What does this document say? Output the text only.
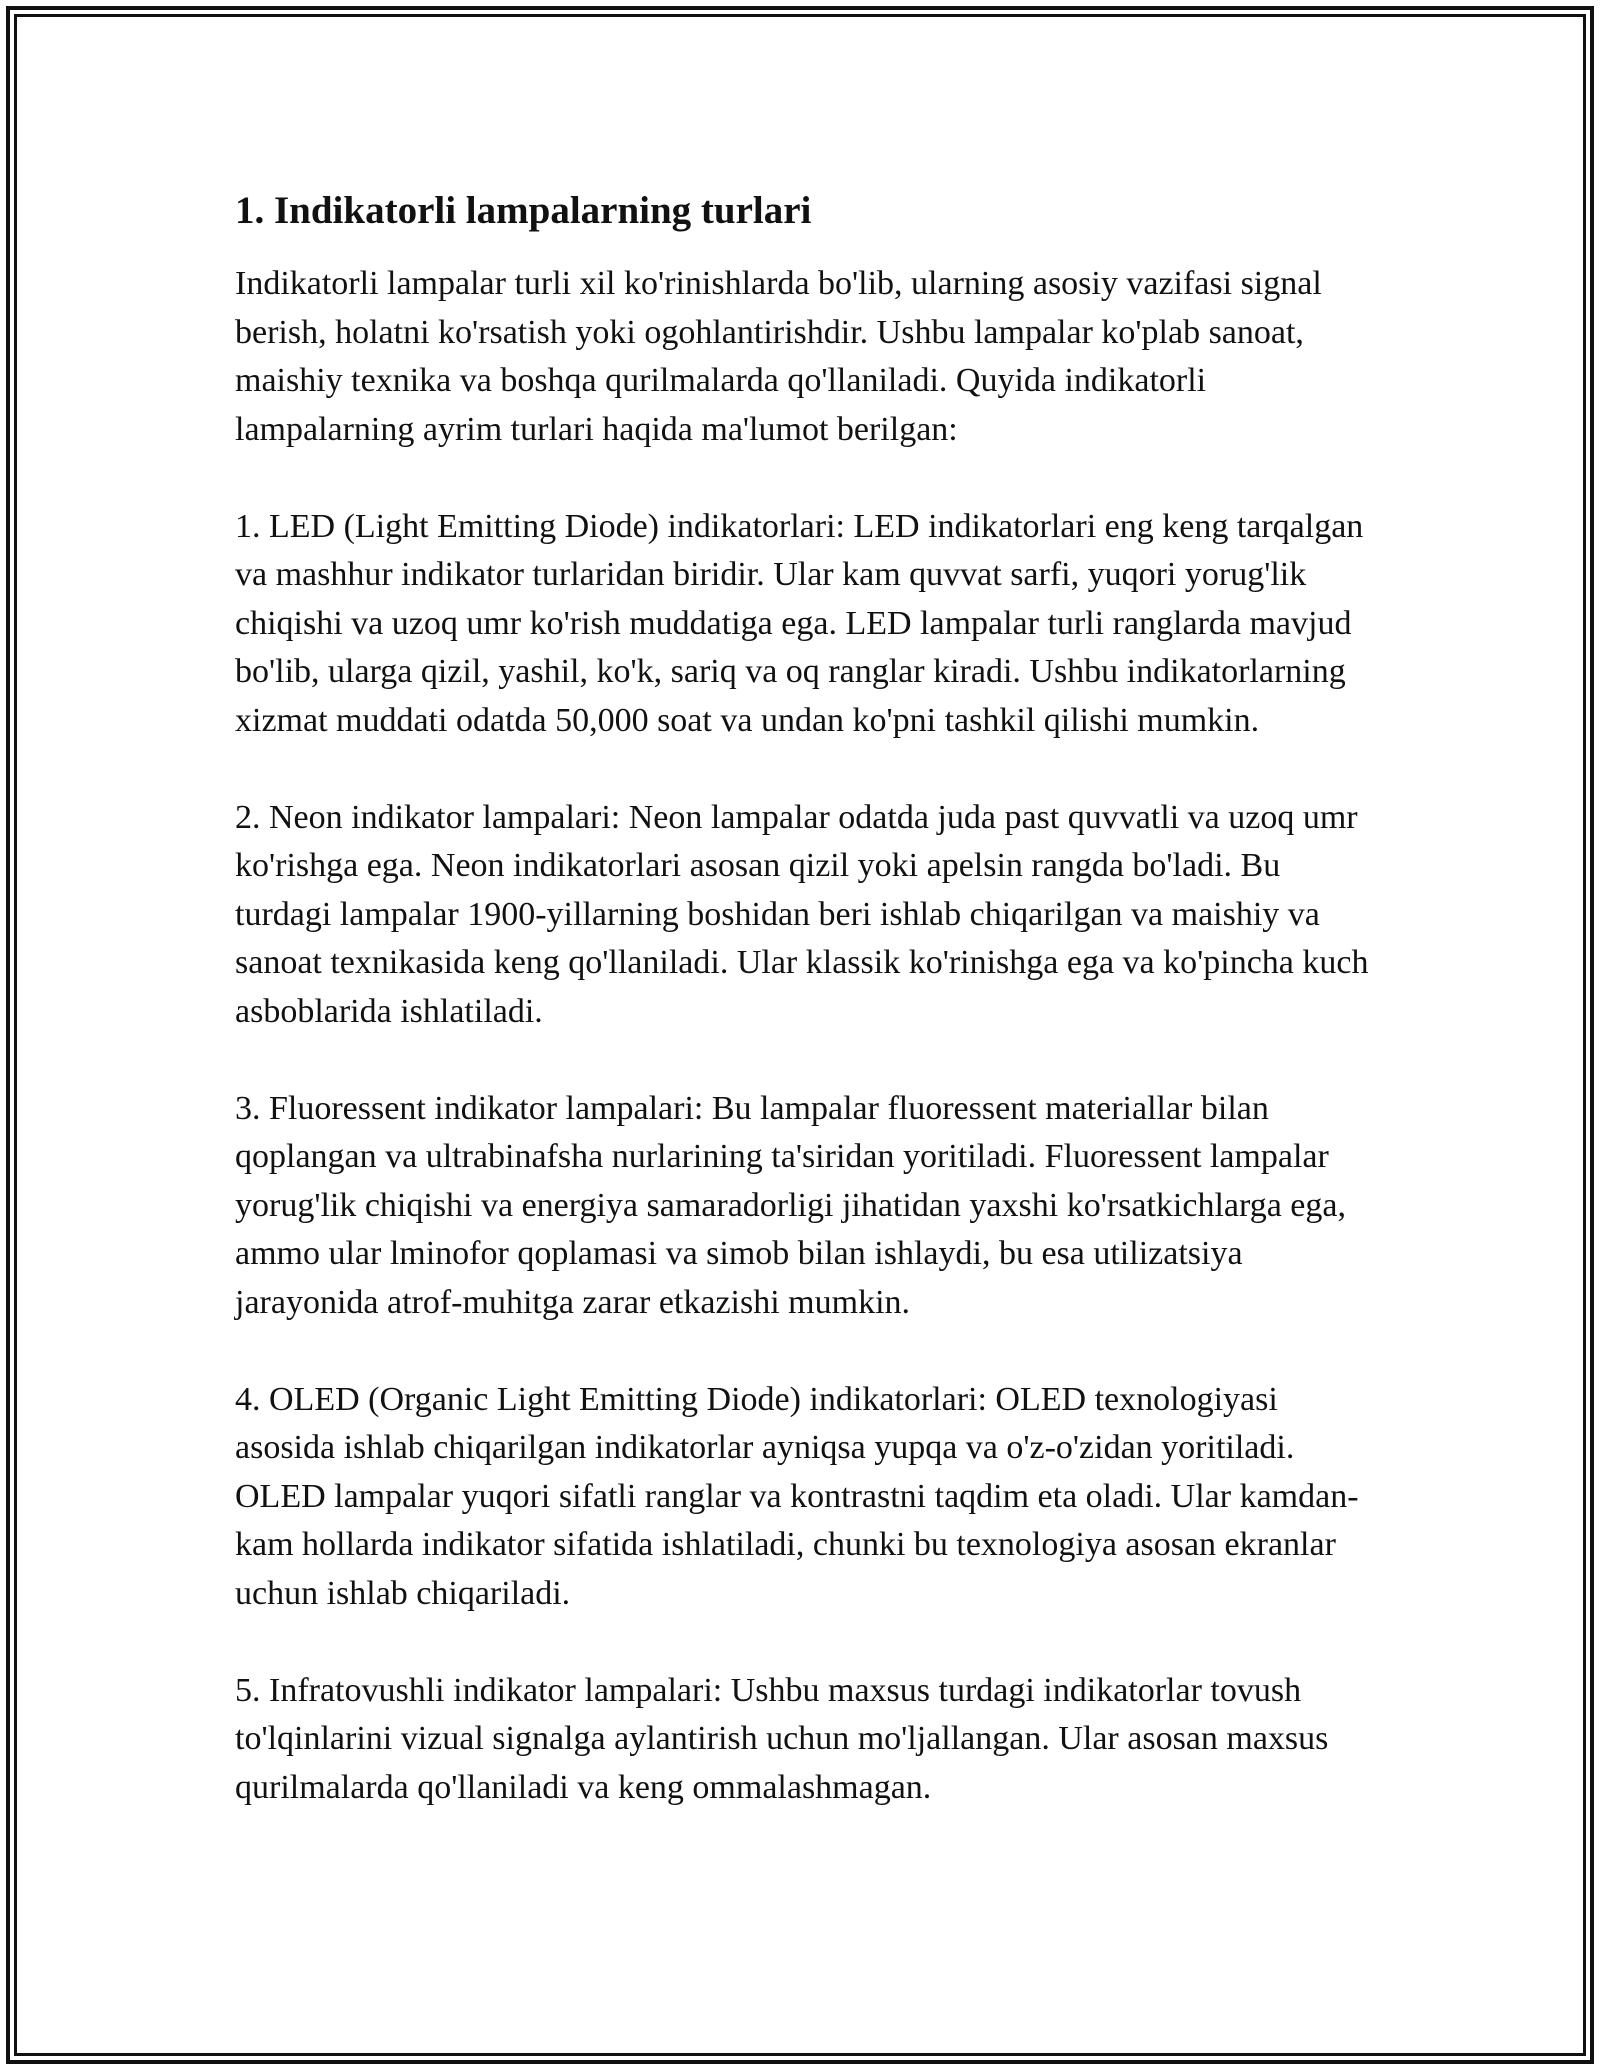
1. Indikatorli lampalarning turlari

Indikatorli lampalar turli xil ko'rinishlarda bo'lib, ularning asosiy vazifasi signal berish, holatni ko'rsatish yoki ogohlantirishdir. Ushbu lampalar ko'plab sanoat, maishiy texnika va boshqa qurilmalarda qo'llaniladi. Quyida indikatorli lampalarning ayrim turlari haqida ma'lumot berilgan:

1. LED (Light Emitting Diode) indikatorlari: LED indikatorlari eng keng tarqalgan va mashhur indikator turlaridan biridir. Ular kam quvvat sarfi, yuqori yorug'lik chiqishi va uzoq umr ko'rish muddatiga ega. LED lampalar turli ranglarda mavjud bo'lib, ularga qizil, yashil, ko'k, sariq va oq ranglar kiradi. Ushbu indikatorlarning xizmat muddati odatda 50,000 soat va undan ko'pni tashkil qilishi mumkin.

2. Neon indikator lampalari: Neon lampalar odatda juda past quvvatli va uzoq umr ko'rishga ega. Neon indikatorlari asosan qizil yoki apelsin rangda bo'ladi. Bu turdagi lampalar 1900-yillarning boshidan beri ishlab chiqarilgan va maishiy va sanoat texnikasida keng qo'llaniladi. Ular klassik ko'rinishga ega va ko'pincha kuch asboblarida ishlatiladi.

3. Fluoressent indikator lampalari: Bu lampalar fluoressent materiallar bilan qoplangan va ultrabinafsha nurlarining ta'siridan yoritiladi. Fluoressent lampalar yorug'lik chiqishi va energiya samaradorligi jihatidan yaxshi ko'rsatkichlarga ega, ammo ular lminofor qoplamasi va simob bilan ishlaydi, bu esa utilizatsiya jarayonida atrof-muhitga zarar etkazishi mumkin.

4. OLED (Organic Light Emitting Diode) indikatorlari: OLED texnologiyasi asosida ishlab chiqarilgan indikatorlar ayniqsa yupqa va o'z-o'zidan yoritiladi. OLED lampalar yuqori sifatli ranglar va kontrastni taqdim eta oladi. Ular kamdan-kam hollarda indikator sifatida ishlatiladi, chunki bu texnologiya asosan ekranlar uchun ishlab chiqariladi.

5. Infratovushli indikator lampalari: Ushbu maxsus turdagi indikatorlar tovush to'lqinlarini vizual signalga aylantirish uchun mo'ljallangan. Ular asosan maxsus qurilmalarda qo'llaniladi va keng ommalashmagan.
